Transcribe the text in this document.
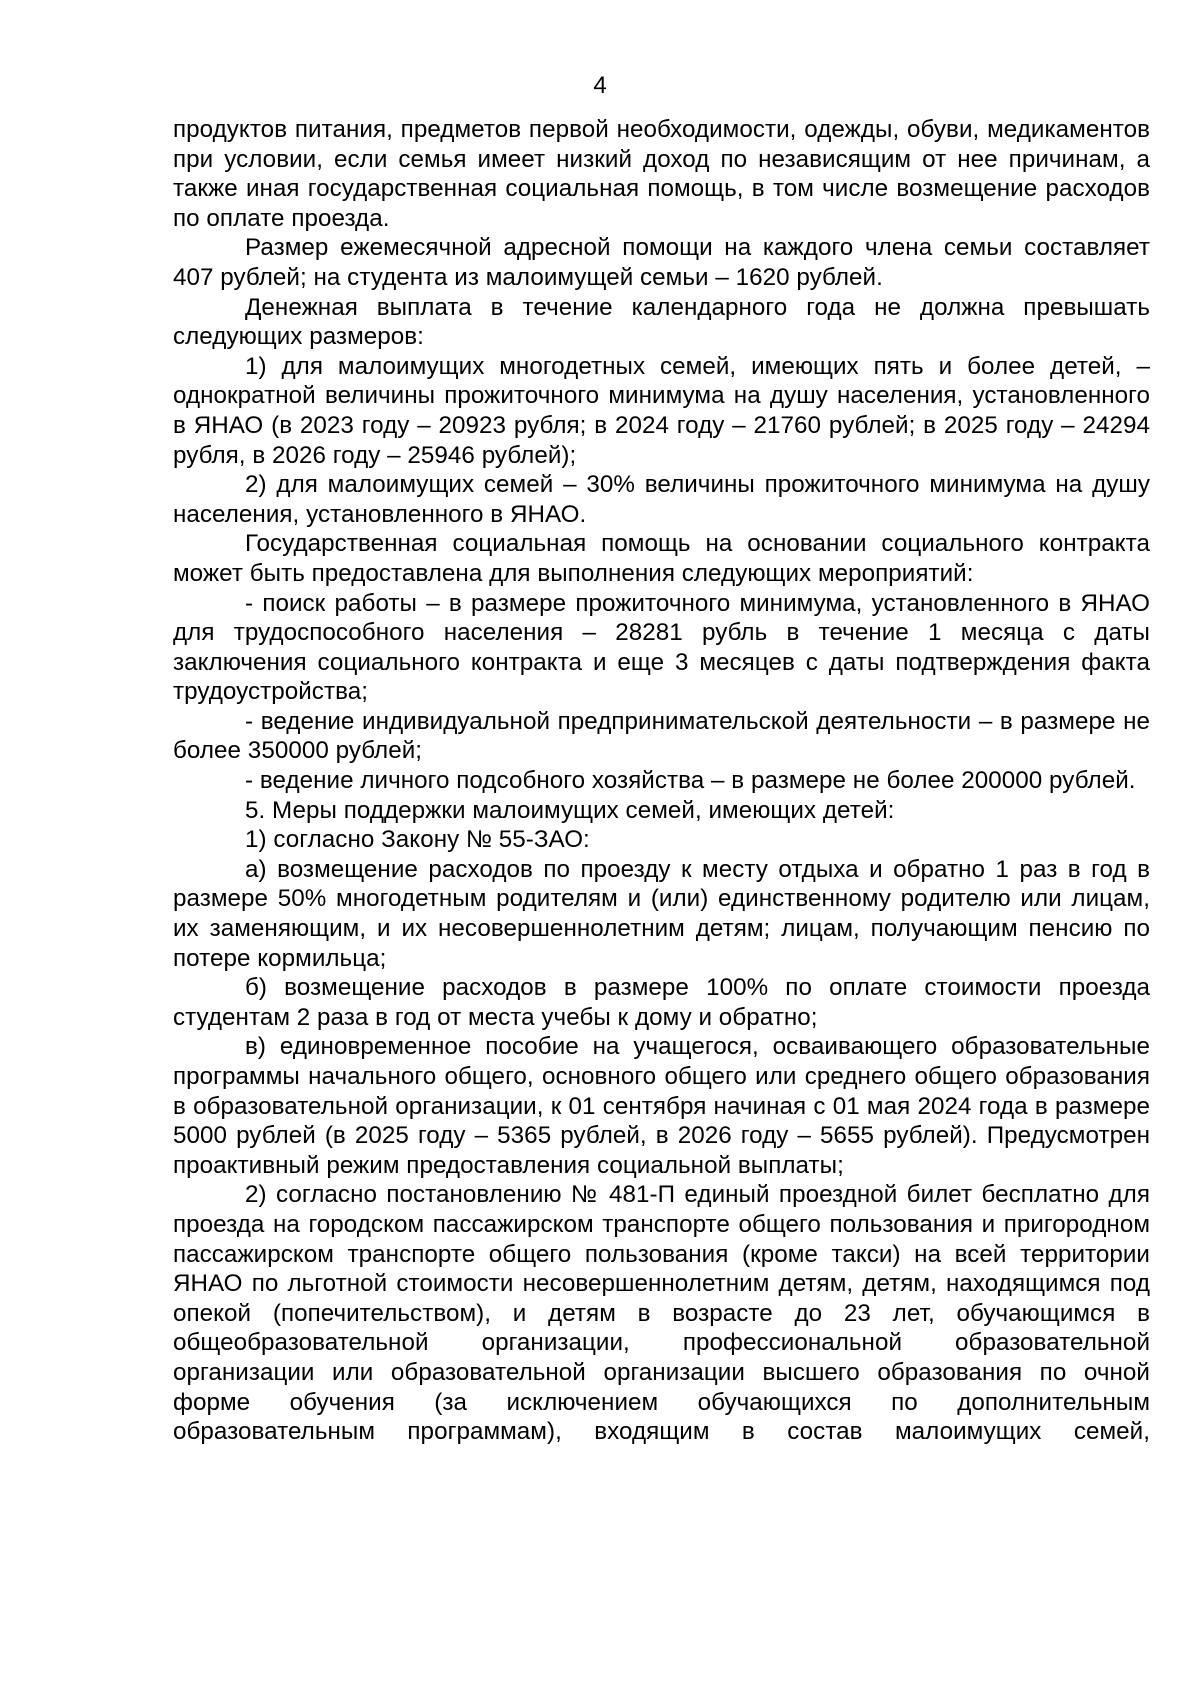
4

продуктов питания, предметов первой необходимости, одежды, обуви, медикаментов при условии, если семья имеет низкий доход по независящим от нее причинам, а также иная государственная социальная помощь, в том числе возмещение расходов по оплате проезда.

Размер ежемесячной адресной помощи на каждого члена семьи составляет 407 рублей; на студента из малоимущей семьи – 1620 рублей.

Денежная выплата в течение календарного года не должна превышать следующих размеров:

1) для малоимущих многодетных семей, имеющих пять и более детей, – однократной величины прожиточного минимума на душу населения, установленного в ЯНАО (в 2023 году – 20923 рубля; в 2024 году – 21760 рублей; в 2025 году – 24294 рубля, в 2026 году – 25946 рублей);

2) для малоимущих семей – 30% величины прожиточного минимума на душу населения, установленного в ЯНАО.

Государственная социальная помощь на основании социального контракта может быть предоставлена для выполнения следующих мероприятий:

- поиск работы – в размере прожиточного минимума, установленного в ЯНАО для трудоспособного населения – 28281 рубль в течение 1 месяца с даты заключения социального контракта и еще 3 месяцев с даты подтверждения факта трудоустройства;

- ведение индивидуальной предпринимательской деятельности – в размере не более 350000 рублей;

- ведение личного подсобного хозяйства – в размере не более 200000 рублей.

5. Меры поддержки малоимущих семей, имеющих детей:

1) согласно Закону № 55-ЗАО:

а) возмещение расходов по проезду к месту отдыха и обратно 1 раз в год в размере 50% многодетным родителям и (или) единственному родителю или лицам, их заменяющим, и их несовершеннолетним детям; лицам, получающим пенсию по потере кормильца;

б) возмещение расходов в размере 100% по оплате стоимости проезда студентам 2 раза в год от места учебы к дому и обратно;

в) единовременное пособие на учащегося, осваивающего образовательные программы начального общего, основного общего или среднего общего образования в образовательной организации, к 01 сентября начиная с 01 мая 2024 года в размере 5000 рублей (в 2025 году – 5365 рублей, в 2026 году – 5655 рублей). Предусмотрен проактивный режим предоставления социальной выплаты;

2) согласно постановлению № 481-П единый проездной билет бесплатно для проезда на городском пассажирском транспорте общего пользования и пригородном пассажирском транспорте общего пользования (кроме такси) на всей территории ЯНАО по льготной стоимости несовершеннолетним детям, детям, находящимся под опекой (попечительством), и детям в возрасте до 23 лет, обучающимся в общеобразовательной организации, профессиональной образовательной организации или образовательной организации высшего образования по очной форме обучения (за исключением обучающихся по дополнительным образовательным программам), входящим в состав малоимущих семей,
